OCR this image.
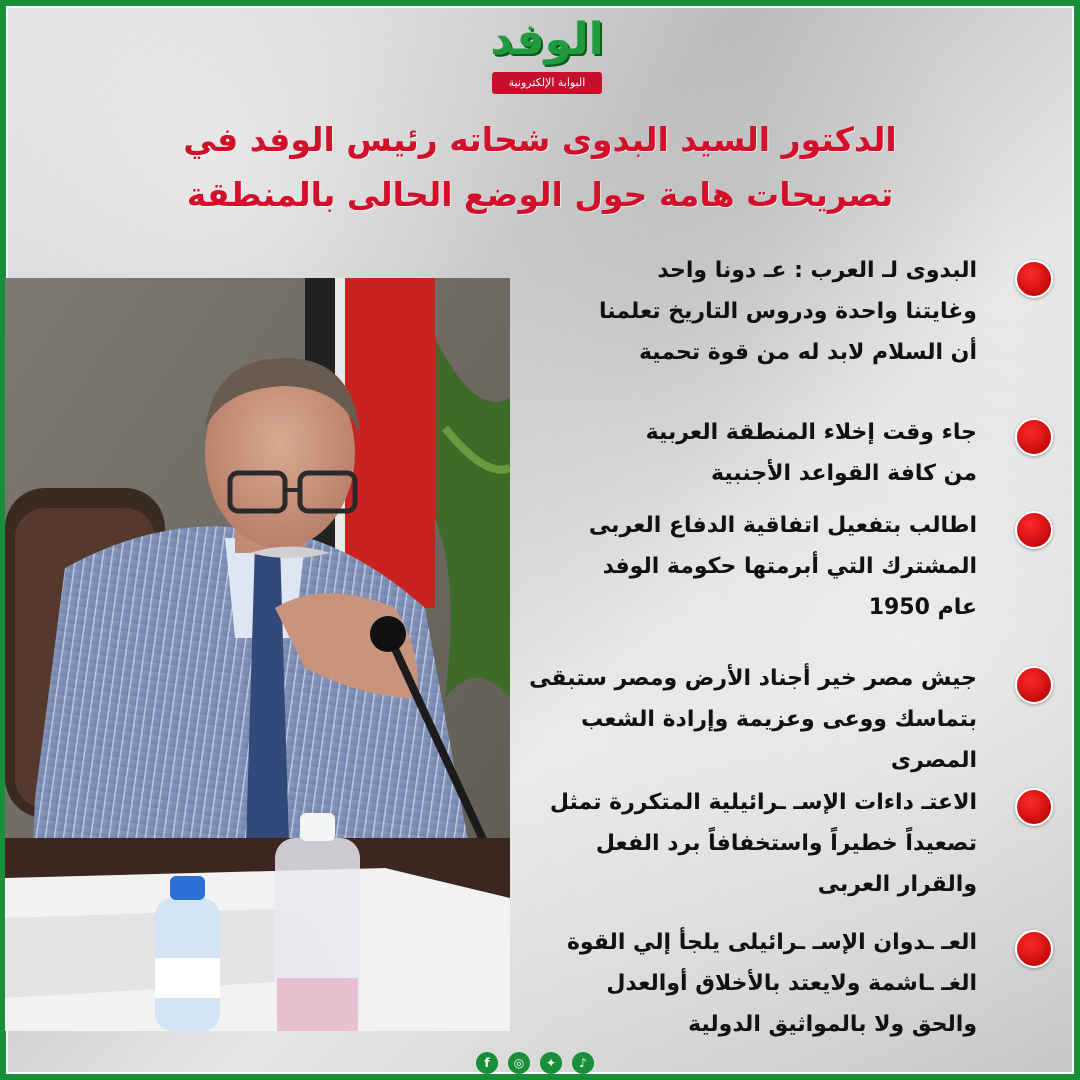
الوفد
البوابة الإلكترونية
الدكتور السيد البدوى شحاته رئيس الوفد في
تصريحات هامة حول الوضع الحالى بالمنطقة
البدوى لـ العرب : عـ دونا واحد
وغايتنا واحدة ودروس التاريخ تعلمنا
أن السلام لابد له من قوة تحمية
جاء وقت إخلاء المنطقة العربية
من كافة القواعد الأجنبية
اطالب بتفعيل اتفاقية الدفاع العربى
المشترك التي أبرمتها حكومة الوفد
عام 1950
جيش مصر خير أجناد الأرض ومصر ستبقى
بتماسك ووعى وعزيمة وإرادة الشعب
المصرى
الاعتـ داءات الإسـ ـرائيلية المتكررة تمثل
تصعيداً خطيراً واستخفافاً برد الفعل
والقرار العربى
العـ ـدوان الإسـ ـرائيلى يلجأ إلي القوة
الغـ ـاشمة ولايعتد بالأخلاق أوالعدل
والحق ولا بالمواثيق الدولية
f	◎	✦	♪
